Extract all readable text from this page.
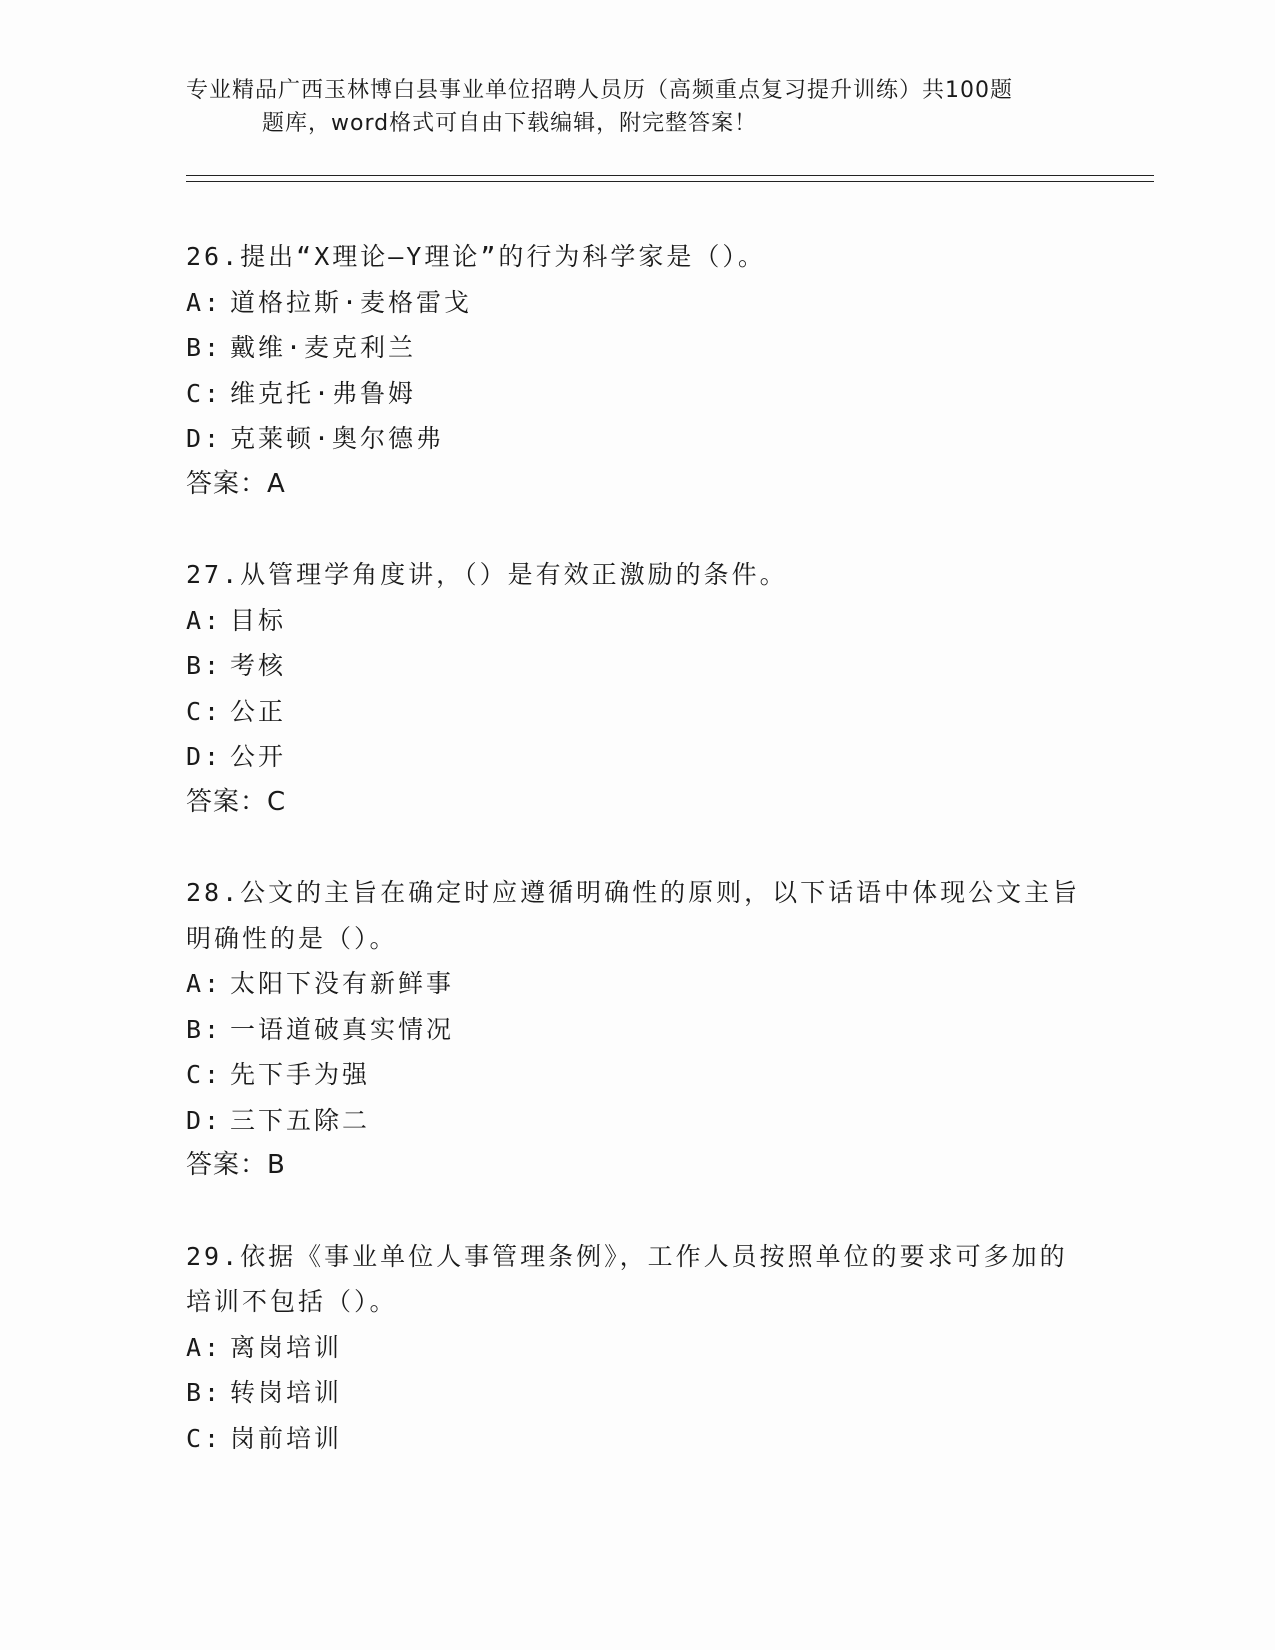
专业精品广西玉林博白县事业单位招聘人员历（高频重点复习提升训练）共100题
题库，word格式可自由下载编辑，附完整答案！
26.提出“X理论—Y理论”的行为科学家是（）。
A: 道格拉斯·麦格雷戈
B: 戴维·麦克利兰
C: 维克托·弗鲁姆
D: 克莱顿·奥尔德弗
答案：A
27.从管理学角度讲，（）是有效正激励的条件。
A: 目标
B: 考核
C: 公正
D: 公开
答案：C
28.公文的主旨在确定时应遵循明确性的原则，以下话语中体现公文主旨明确性的是（）。
A: 太阳下没有新鲜事
B: 一语道破真实情况
C: 先下手为强
D: 三下五除二
答案：B
29.依据《事业单位人事管理条例》，工作人员按照单位的要求可多加的培训不包括（）。
A: 离岗培训
B: 转岗培训
C: 岗前培训
